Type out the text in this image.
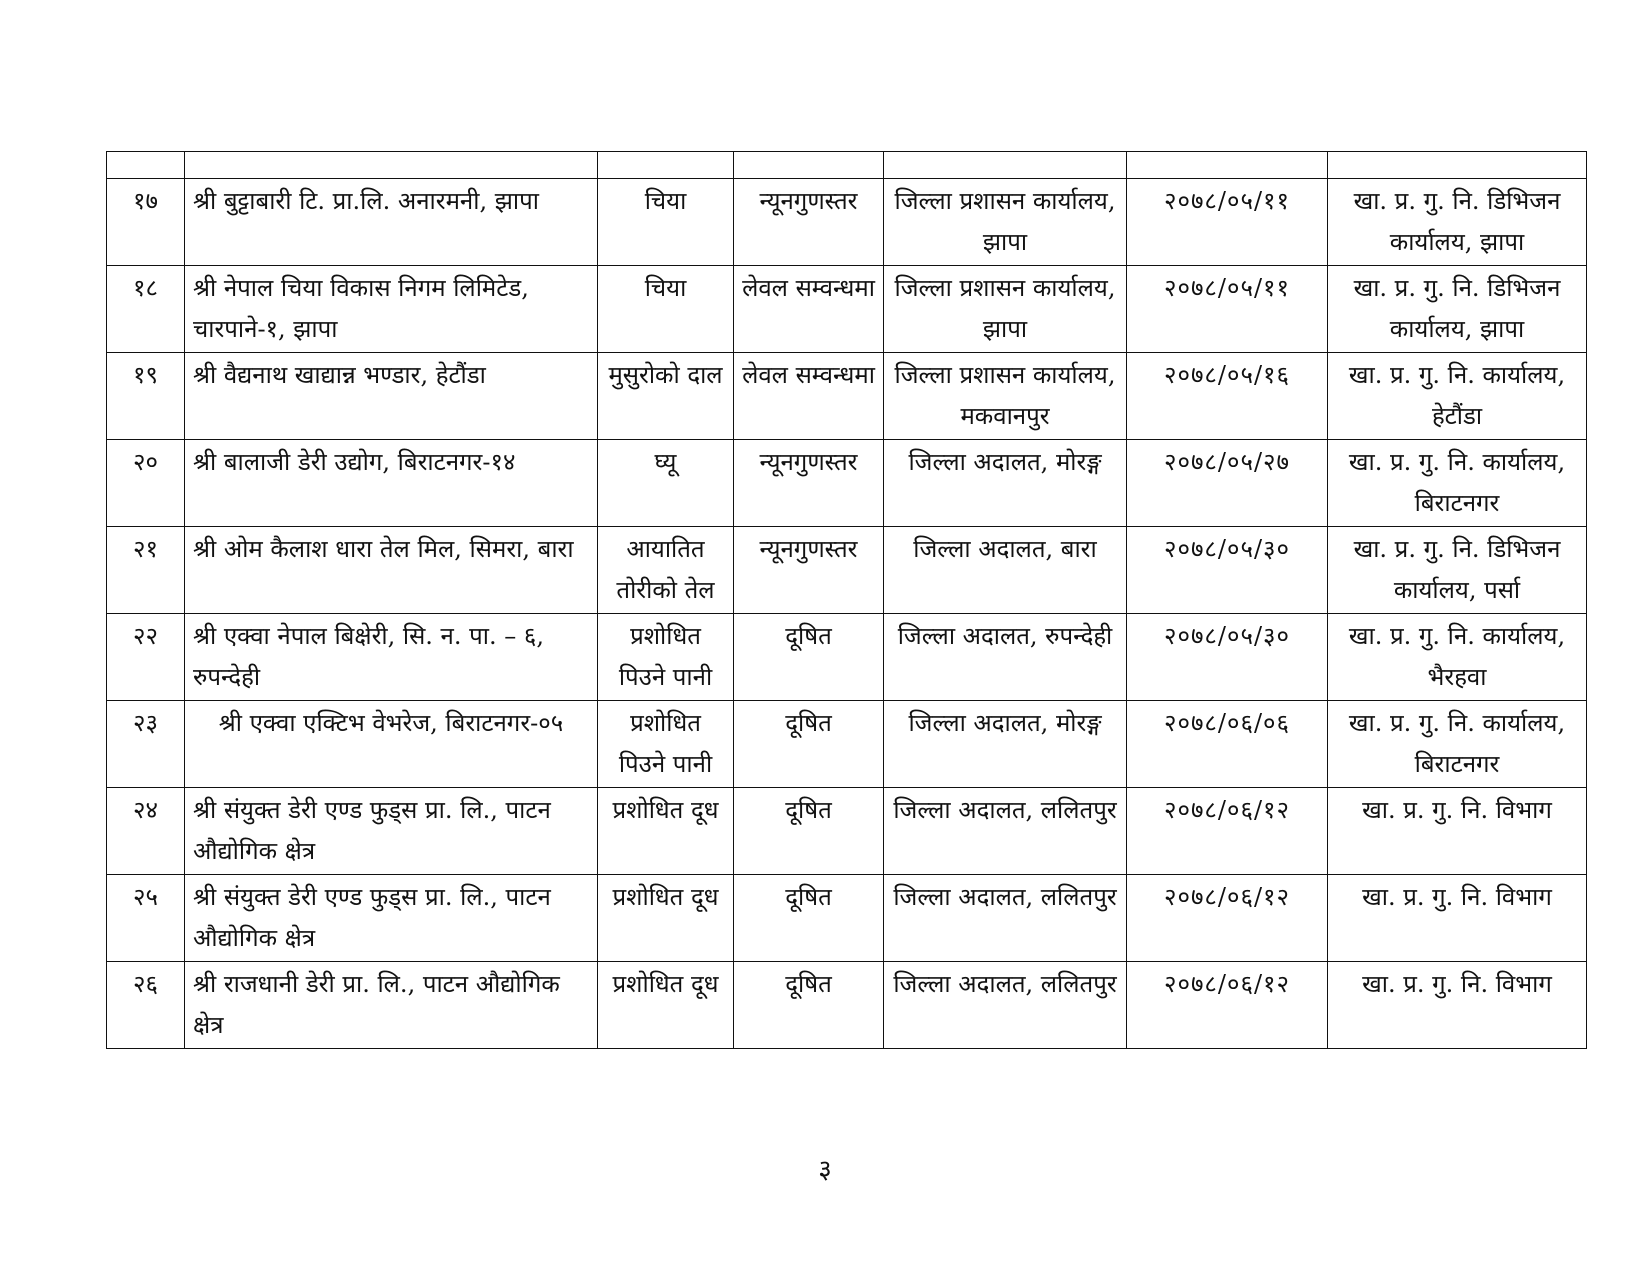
१७	श्री बुट्टाबारी टि. प्रा.लि. अनारमनी, झापा	चिया	न्यूनगुणस्तर	जिल्ला प्रशासन कार्यालय, झापा	२०७८/०५/११	खा. प्र. गु. नि. डिभिजन कार्यालय, झापा
१८	श्री नेपाल चिया विकास निगम लिमिटेड, चारपाने-१, झापा	चिया	लेवल सम्वन्धमा	जिल्ला प्रशासन कार्यालय, झापा	२०७८/०५/११	खा. प्र. गु. नि. डिभिजन कार्यालय, झापा
१९	श्री वैद्यनाथ खाद्यान्न भण्डार, हेटौंडा	मुसुरोको दाल	लेवल सम्वन्धमा	जिल्ला प्रशासन कार्यालय, मकवानपुर	२०७८/०५/१६	खा. प्र. गु. नि. कार्यालय, हेटौंडा
२०	श्री बालाजी डेरी उद्योग, बिराटनगर-१४	घ्यू	न्यूनगुणस्तर	जिल्ला अदालत, मोरङ्ग	२०७८/०५/२७	खा. प्र. गु. नि. कार्यालय, बिराटनगर
२१	श्री ओम कैलाश धारा तेल मिल, सिमरा, बारा	आयातित तोरीको तेल	न्यूनगुणस्तर	जिल्ला अदालत, बारा	२०७८/०५/३०	खा. प्र. गु. नि. डिभिजन कार्यालय, पर्सा
२२	श्री एक्वा नेपाल बिक्षेरी, सि. न. पा. – ६, रुपन्देही	प्रशोधित पिउने पानी	दूषित	जिल्ला अदालत, रुपन्देही	२०७८/०५/३०	खा. प्र. गु. नि. कार्यालय, भैरहवा
२३	श्री एक्वा एक्टिभ वेभरेज, बिराटनगर-०५	प्रशोधित पिउने पानी	दूषित	जिल्ला अदालत, मोरङ्ग	२०७८/०६/०६	खा. प्र. गु. नि. कार्यालय, बिराटनगर
२४	श्री संयुक्त डेरी एण्ड फुड्स प्रा. लि., पाटन औद्योगिक क्षेत्र	प्रशोधित दूध	दूषित	जिल्ला अदालत, ललितपुर	२०७८/०६/१२	खा. प्र. गु. नि. विभाग
२५	श्री संयुक्त डेरी एण्ड फुड्स प्रा. लि., पाटन औद्योगिक क्षेत्र	प्रशोधित दूध	दूषित	जिल्ला अदालत, ललितपुर	२०७८/०६/१२	खा. प्र. गु. नि. विभाग
२६	श्री राजधानी डेरी प्रा. लि., पाटन औद्योगिक क्षेत्र	प्रशोधित दूध	दूषित	जिल्ला अदालत, ललितपुर	२०७८/०६/१२	खा. प्र. गु. नि. विभाग
३
